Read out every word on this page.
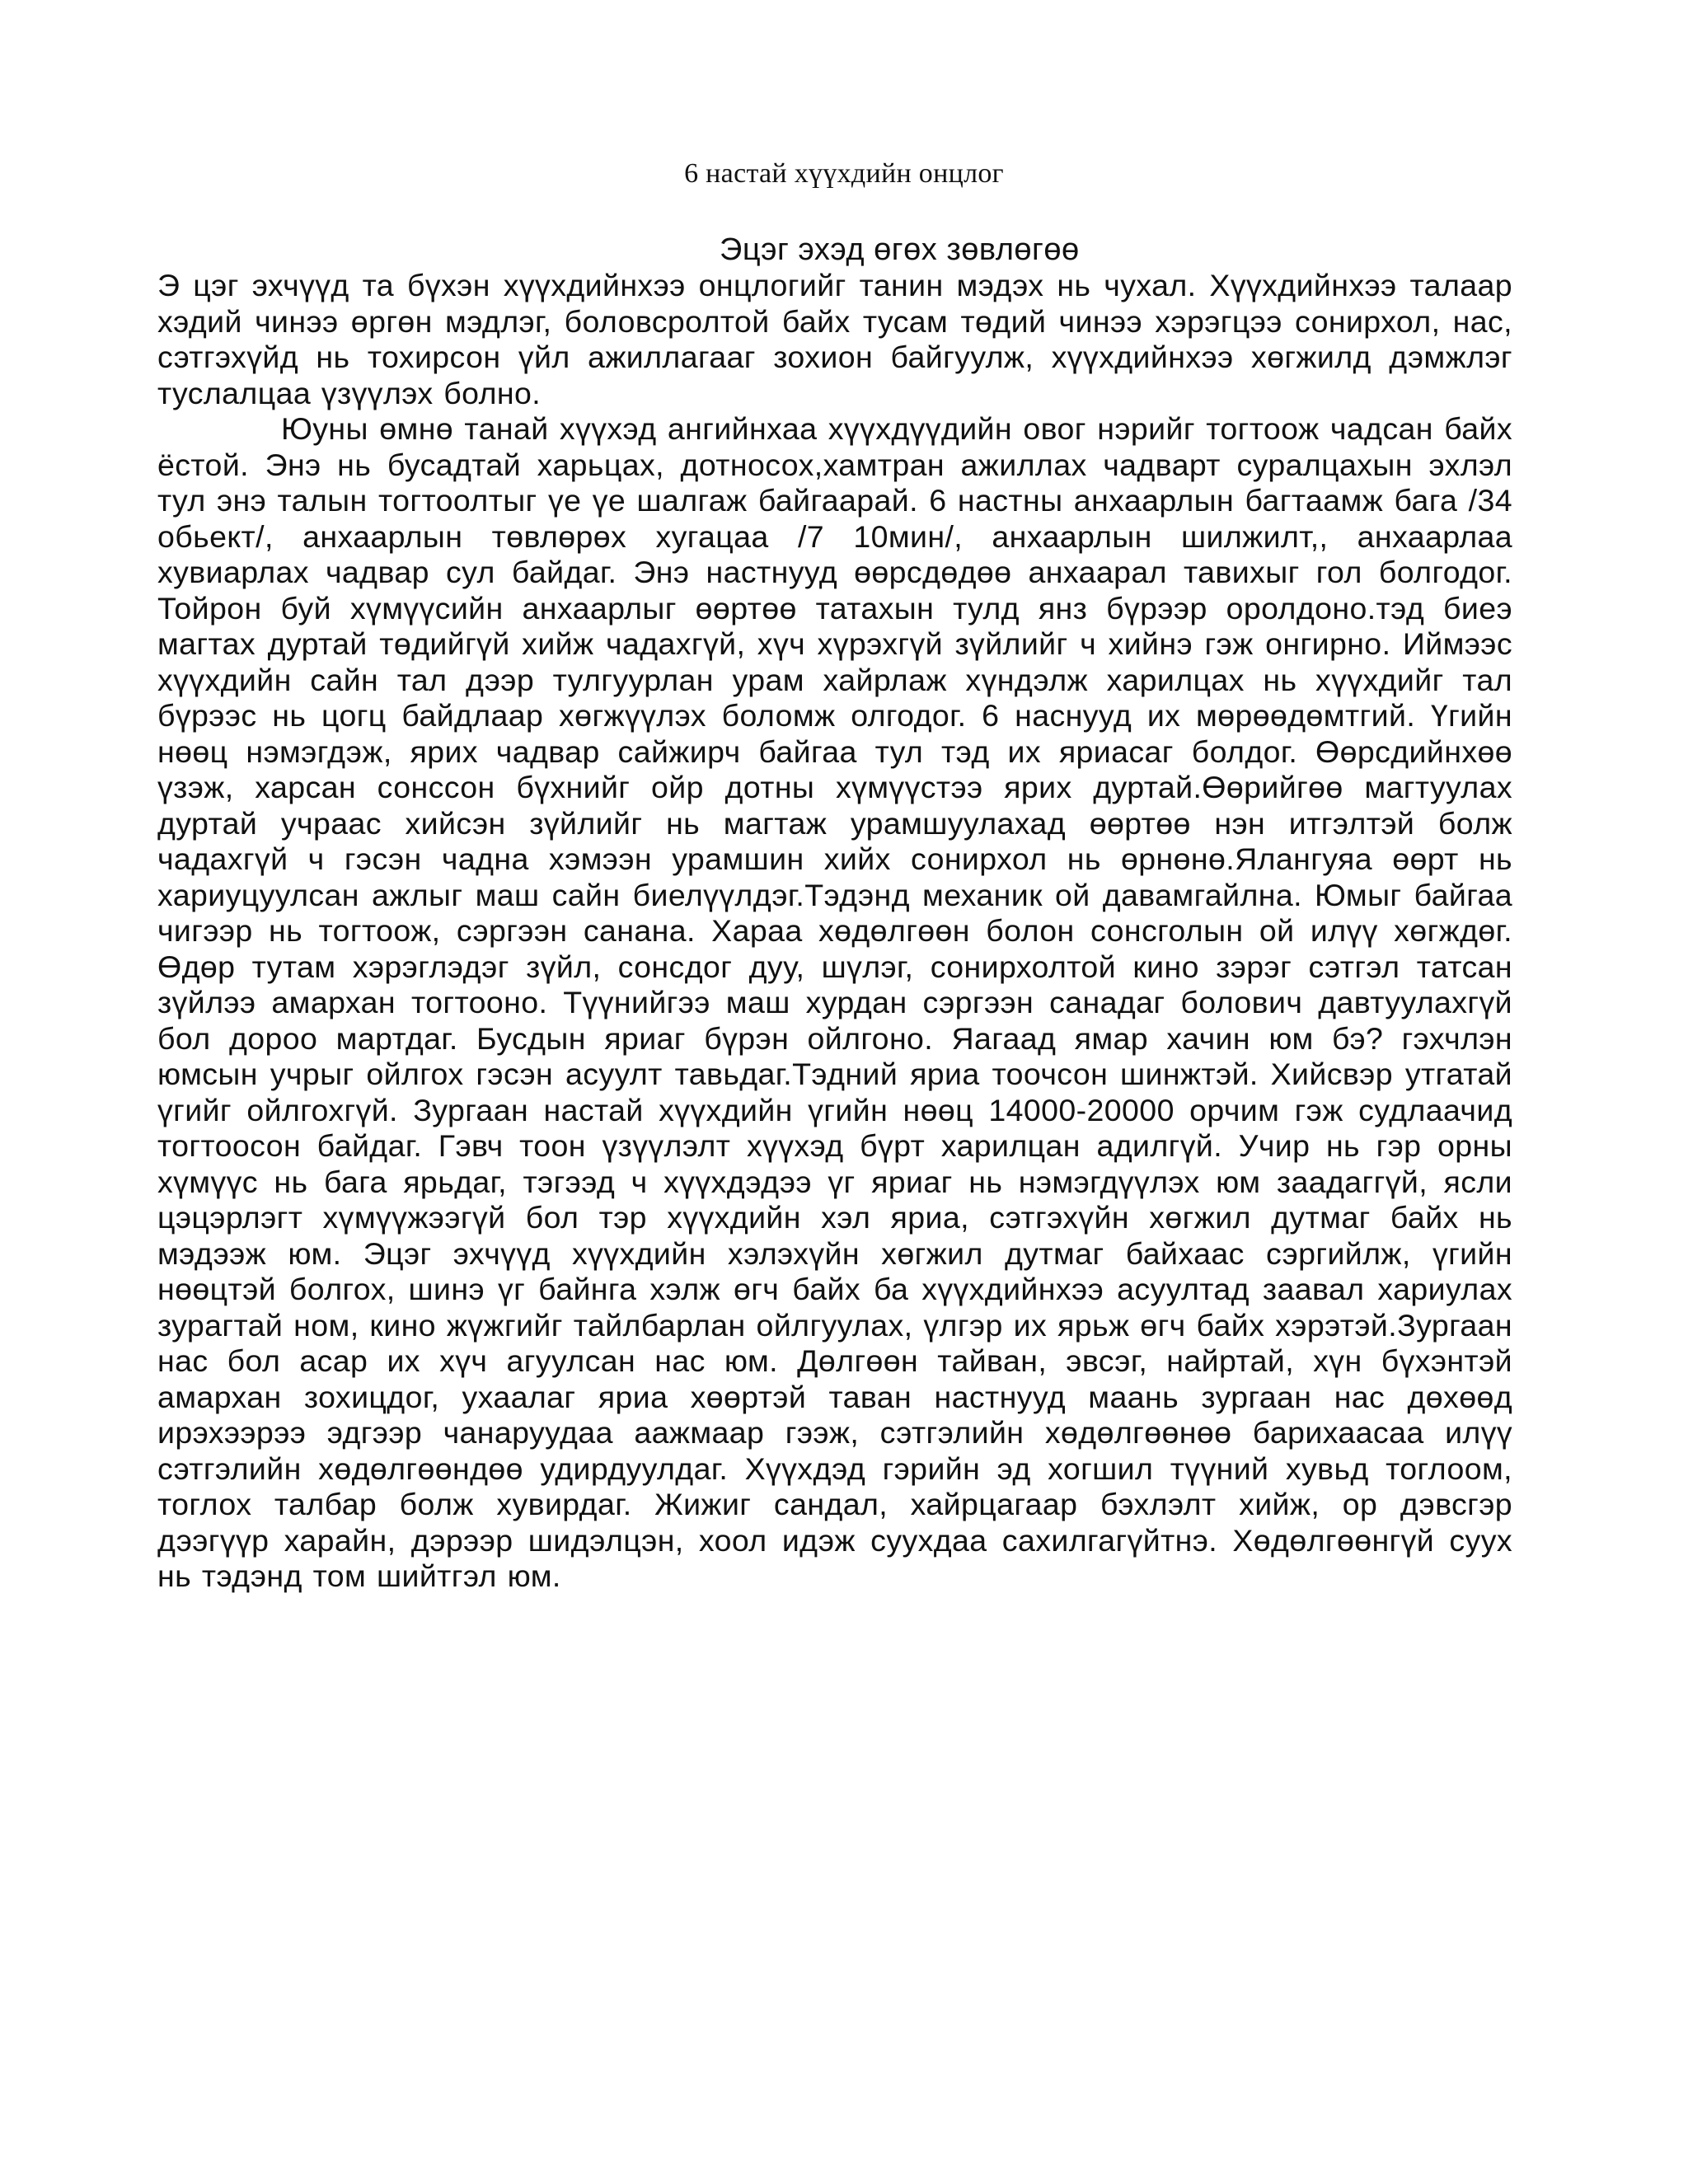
6 настай хүүхдийн онцлог
Эцэг эхэд өгөх зөвлөгөө

Э цэг эхчүүд та бүхэн хүүхдийнхээ онцлогийг танин мэдэх нь чухал. Хүүхдийнхээ талаар хэдий чинээ өргөн мэдлэг, боловсролтой байх тусам төдий чинээ хэрэгцээ сонирхол, нас, сэтгэхүйд нь тохирсон үйл ажиллагааг зохион байгуулж, хүүхдийнхээ хөгжилд дэмжлэг туслалцаа үзүүлэх болно.

Юуны өмнө танай хүүхэд ангийнхаа хүүхдүүдийн овог нэрийг тогтоож чадсан байх ёстой. Энэ нь бусадтай харьцах, дотносох,хамтран ажиллах чадварт суралцахын эхлэл тул энэ талын тогтоолтыг үе үе шалгаж байгаарай. 6 настны анхаарлын багтаамж бага /34 обьект/, анхаарлын төвлөрөх хугацаа /7 10мин/, анхаарлын шилжилт,, анхаарлаа хувиарлах чадвар сул байдаг. Энэ настнууд өөрсдөдөө анхаарал тавихыг гол болгодог. Тойрон буй хүмүүсийн анхаарлыг өөртөө татахын тулд янз бүрээр оролдоно.тэд биеэ магтах дуртай төдийгүй хийж чадахгүй, хүч хүрэхгүй зүйлийг ч хийнэ гэж онгирно. Иймээс хүүхдийн сайн тал дээр тулгуурлан урам хайрлаж хүндэлж харилцах нь хүүхдийг тал бүрээс нь цогц байдлаар хөгжүүлэх боломж олгодог. 6 наснууд их мөрөөдөмтгий. Үгийн нөөц нэмэгдэж, ярих чадвар сайжирч байгаа тул тэд их яриасаг болдог. Өөрсдийнхөө үзэж, харсан сонссон бүхнийг ойр дотны хүмүүстээ ярих дуртай.Өөрийгөө магтуулах дуртай учраас хийсэн зүйлийг нь магтаж урамшуулахад өөртөө нэн итгэлтэй болж чадахгүй ч гэсэн чадна хэмээн урамшин хийх сонирхол нь өрнөнө.Ялангуяа өөрт нь хариуцуулсан ажлыг маш сайн биелүүлдэг.Тэдэнд механик ой давамгайлна. Юмыг байгаа чигээр нь тогтоож, сэргээн санана. Хараа хөдөлгөөн болон сонсголын ой илүү хөгждөг. Өдөр тутам хэрэглэдэг зүйл, сонсдог дуу, шүлэг, сонирхолтой кино зэрэг сэтгэл татсан зүйлээ амархан тогтооно. Түүнийгээ маш хурдан сэргээн санадаг болович давтуулахгүй бол дороо мартдаг. Бусдын яриаг бүрэн ойлгоно. Яагаад ямар хачин юм бэ? гэхчлэн юмсын учрыг ойлгох гэсэн асуулт тавьдаг.Тэдний яриа тоочсон шинжтэй. Хийсвэр утгатай үгийг ойлгохгүй. Зургаан настай хүүхдийн үгийн нөөц 14000-20000 орчим гэж судлаачид тогтоосон байдаг. Гэвч тоон үзүүлэлт хүүхэд бүрт харилцан адилгүй. Учир нь гэр орны хүмүүс нь бага ярьдаг, тэгээд ч хүүхдэдээ үг яриаг нь нэмэгдүүлэх юм заадаггүй, ясли цэцэрлэгт хүмүүжээгүй бол тэр хүүхдийн хэл яриа, сэтгэхүйн хөгжил дутмаг байх нь мэдээж юм. Эцэг эхчүүд хүүхдийн хэлэхүйн хөгжил дутмаг байхаас сэргийлж, үгийн нөөцтэй болгох, шинэ үг байнга хэлж өгч байх ба хүүхдийнхээ асуултад заавал хариулах зурагтай ном, кино жүжгийг тайлбарлан ойлгуулах, үлгэр их ярьж өгч байх хэрэтэй.Зургаан нас бол асар их хүч агуулсан нас юм. Дөлгөөн тайван, эвсэг, найртай, хүн бүхэнтэй амархан зохицдог, ухаалаг яриа хөөртэй таван настнууд маань зургаан нас дөхөөд ирэхээрээ эдгээр чанаруудаа аажмаар гээж, сэтгэлийн хөдөлгөөнөө барихаасаа илүү сэтгэлийн хөдөлгөөндөө удирдуулдаг. Хүүхдэд гэрийн эд хогшил түүний хувьд тоглоом, тоглох талбар болж хувирдаг. Жижиг сандал, хайрцагаар бэхлэлт хийж, ор дэвсгэр дээгүүр харайн, дэрээр шидэлцэн, хоол идэж суухдаа сахилгагүйтнэ. Хөдөлгөөнгүй суух нь тэдэнд том шийтгэл юм.
